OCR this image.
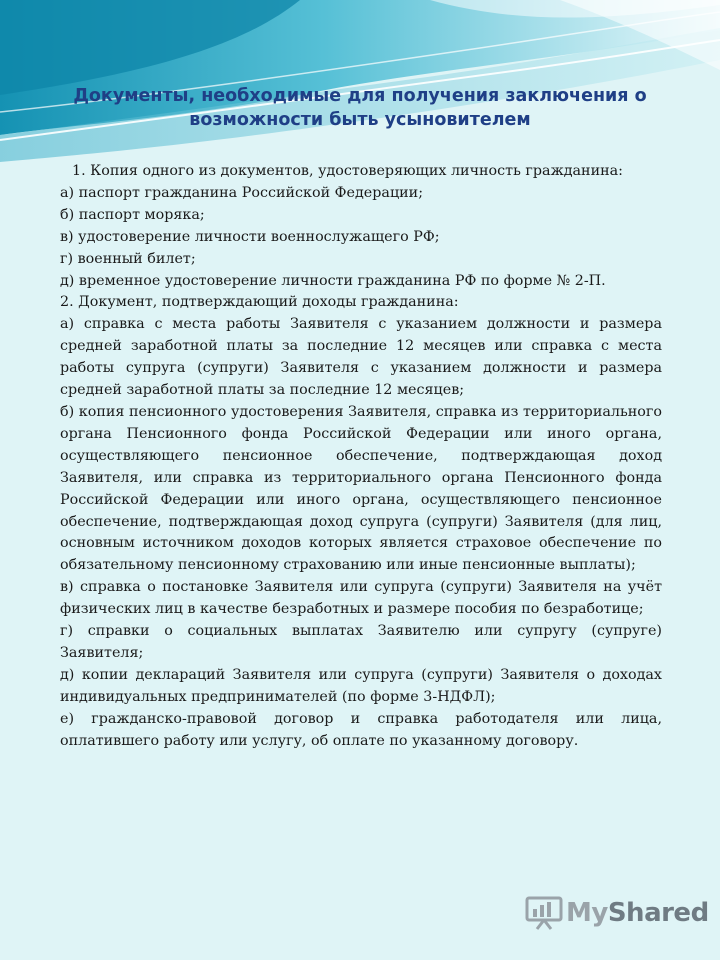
Документы, необходимые для получения заключения о
возможности быть усыновителем

1. Копия одного из документов, удостоверяющих личность гражданина:

а) паспорт гражданина Российской Федерации;

б) паспорт моряка;

в) удостоверение личности военнослужащего РФ;

г) военный билет;

д) временное удостоверение личности гражданина РФ по форме № 2-П.

2. Документ, подтверждающий доходы гражданина:

а) справка с места работы Заявителя с указанием должности и размера средней заработной платы за последние 12 месяцев или справка с места работы супруга (супруги) Заявителя с указанием должности и размера средней заработной платы за последние 12 месяцев;

б) копия пенсионного удостоверения Заявителя, справка из территориального органа Пенсионного фонда Российской Федерации или иного органа, осуществляющего пенсионное обеспечение, подтверждающая доход Заявителя, или справка из территориального органа Пенсионного фонда Российской Федерации или иного органа, осуществляющего пенсионное обеспечение, подтверждающая доход супруга (супруги) Заявителя (для лиц, основным источником доходов которых является страховое обеспечение по обязательному пенсионному страхованию или иные пенсионные выплаты);

в) справка о постановке Заявителя или супруга (супруги) Заявителя на учёт физических лиц в качестве безработных и размере пособия по безработице;

г) справки о социальных выплатах Заявителю или супругу (супруге) Заявителя;

д) копии деклараций Заявителя или супруга (супруги) Заявителя о доходах индивидуальных предпринимателей (по форме 3-НДФЛ);

е) гражданско-правовой договор и справка работодателя или лица, оплатившего работу или услугу, об оплате по указанному договору.

MyShared
